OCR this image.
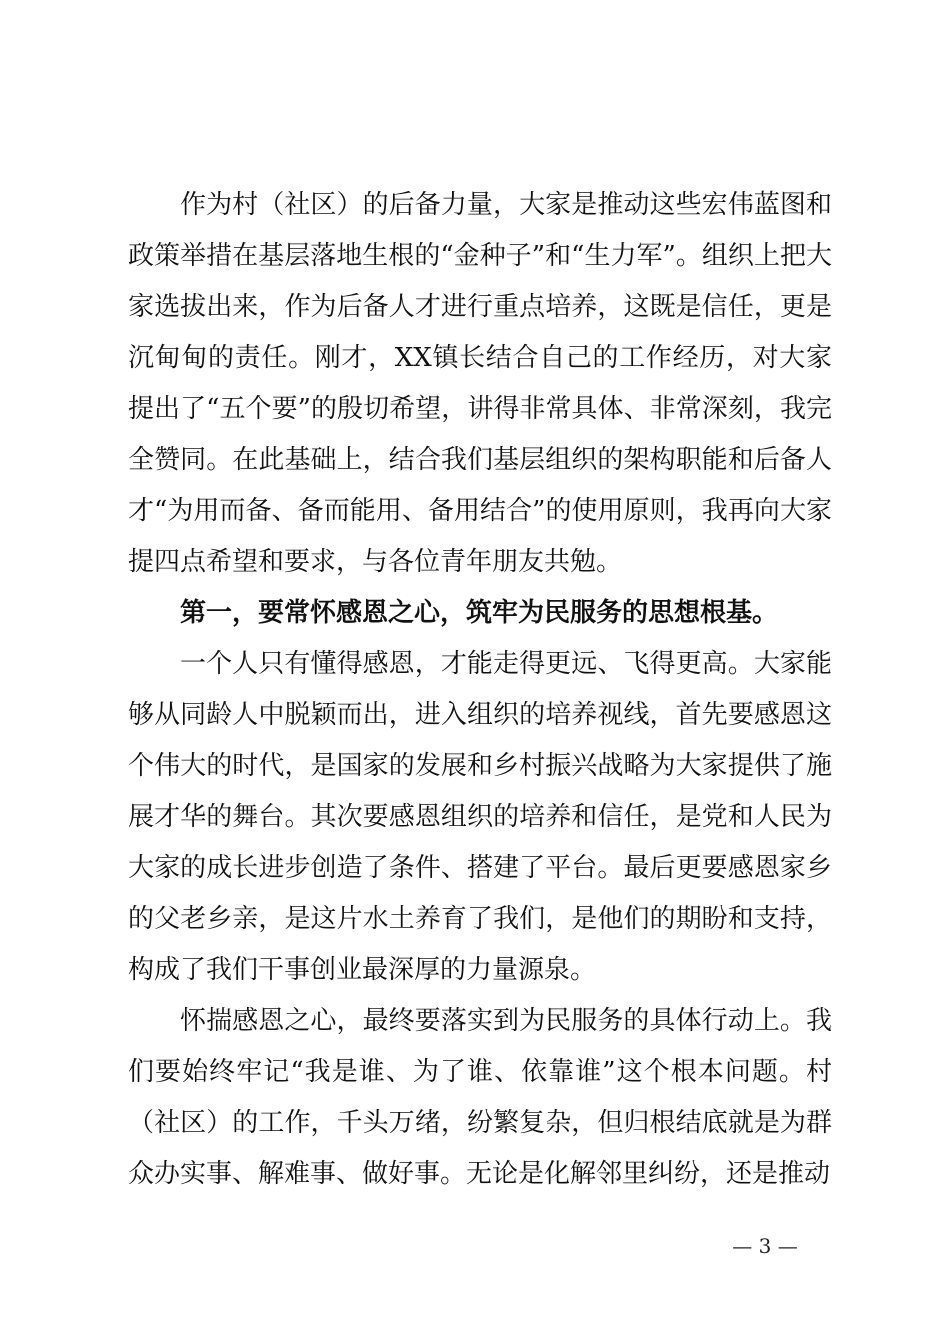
作为村（社区）的后备力量，大家是推动这些宏伟蓝图和政策举措在基层落地生根的“金种子”和“生力军”。组织上把大家选拔出来，作为后备人才进行重点培养，这既是信任，更是沉甸甸的责任。刚才，XX镇长结合自己的工作经历，对大家提出了“五个要”的殷切希望，讲得非常具体、非常深刻，我完全赞同。在此基础上，结合我们基层组织的架构职能和后备人才“为用而备、备而能用、备用结合”的使用原则，我再向大家提四点希望和要求，与各位青年朋友共勉。

第一，要常怀感恩之心，筑牢为民服务的思想根基。

一个人只有懂得感恩，才能走得更远、飞得更高。大家能够从同龄人中脱颖而出，进入组织的培养视线，首先要感恩这个伟大的时代，是国家的发展和乡村振兴战略为大家提供了施展才华的舞台。其次要感恩组织的培养和信任，是党和人民为大家的成长进步创造了条件、搭建了平台。最后更要感恩家乡的父老乡亲，是这片水土养育了我们，是他们的期盼和支持，构成了我们干事创业最深厚的力量源泉。

怀揣感恩之心，最终要落实到为民服务的具体行动上。我们要始终牢记“我是谁、为了谁、依靠谁”这个根本问题。村（社区）的工作，千头万绪，纷繁复杂，但归根结底就是为群众办实事、解难事、做好事。无论是化解邻里纠纷，还是推动

— 3 —
